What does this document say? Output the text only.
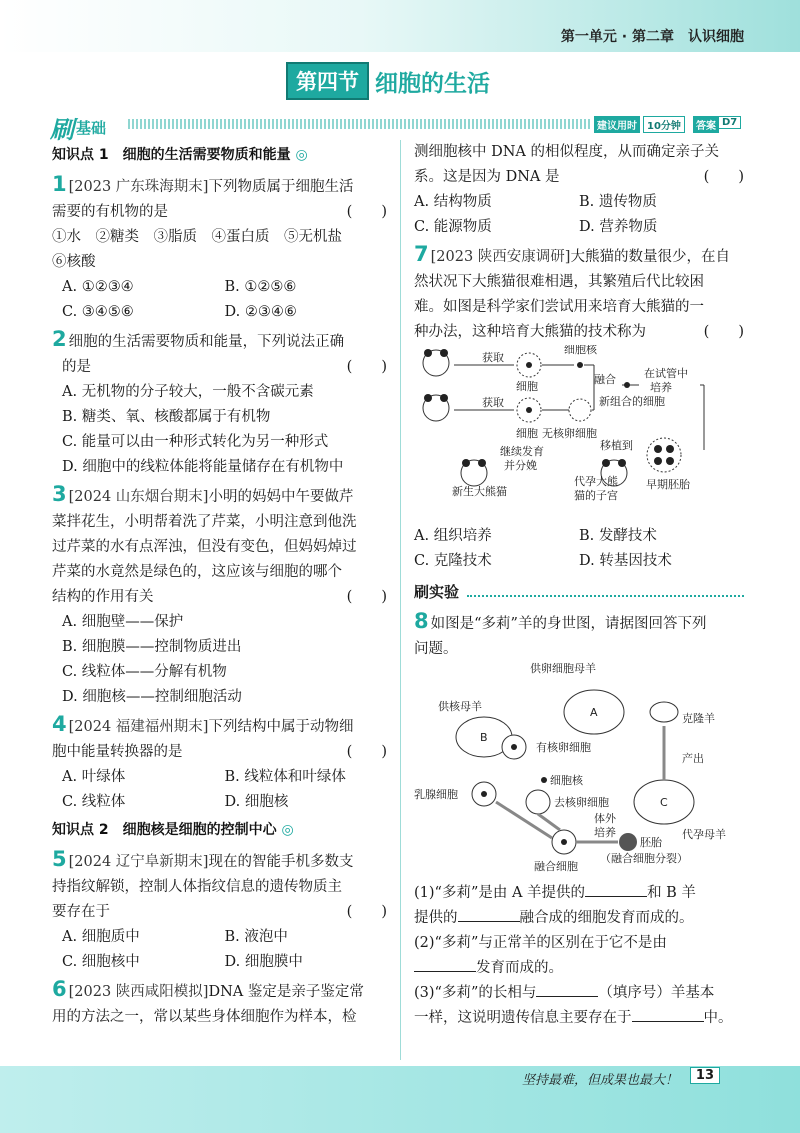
第一单元 · 第二章　认识细胞
第四节 细胞的生活
刷 基础	建议用时	10分钟	答案 D7
知识点 1　 细胞的生活需要物质和能量 ◎
1 [2023 广东珠海期末]下列物质属于细胞生活
需要的有机物的是	(　　)
①水　②糖类　③脂质　④蛋白质　⑤无机盐
⑥核酸
A. ①②③④	B. ①②⑤⑥
C. ③④⑤⑥	D. ②③④⑥
2 细胞的生活需要物质和能量，下列说法正确
的是	(　　)
A. 无机物的分子较大，一般不含碳元素
B. 糖类、氧、核酸都属于有机物
C. 能量可以由一种形式转化为另一种形式
D. 细胞中的线粒体能将能量储存在有机物中
3 [2024 山东烟台期末]小明的妈妈中午要做芹
菜拌花生，小明帮着洗了芹菜，小明注意到他洗
过芹菜的水有点浑浊，但没有变色，但妈妈焯过
芹菜的水竟然是绿色的，这应该与细胞的哪个
结构的作用有关	(　　)
A. 细胞壁——保护
B. 细胞膜——控制物质进出
C. 线粒体——分解有机物
D. 细胞核——控制细胞活动
4 [2024 福建福州期末]下列结构中属于动物细
胞中能量转换器的是	(　　)
A. 叶绿体	B. 线粒体和叶绿体
C. 线粒体	D. 细胞核
知识点 2　 细胞核是细胞的控制中心 ◎
5 [2024 辽宁阜新期末]现在的智能手机多数支
持指纹解锁，控制人体指纹信息的遗传物质主
要存在于	(　　)
A. 细胞质中	B. 液泡中
C. 细胞核中	D. 细胞膜中
6 [2023 陕西咸阳模拟]DNA 鉴定是亲子鉴定常
用的方法之一，常以某些身体细胞作为样本，检
测细胞核中 DNA 的相似程度，从而确定亲子关
系。这是因为 DNA 是	(　　)
A. 结构物质	B. 遗传物质
C. 能源物质	D. 营养物质
7 [2023 陕西安康调研]大熊猫的数量很少，在自
然状况下大熊猫很难相遇，其繁殖后代比较困
难。如图是科学家们尝试用来培育大熊猫的一
种办法，这种培育大熊猫的技术称为	(　　)
获取
获取
细胞
细胞
细胞核
无核卵细胞
融合	在试管中
培养
新组合的细胞
移植到
早期胚胎
继续发育
并分娩
新生大熊猫
代孕大熊
猫的子宫
A. 组织培养	B. 发酵技术
C. 克隆技术	D. 转基因技术
刷实验
8 如图是“多莉”羊的身世图，请据图回答下列
问题。
供卵细胞母羊
供核母羊
克隆羊
产出
B
A
C
有核卵细胞
细胞核
去核卵细胞
乳腺细胞
融合细胞
体外
培养
胚胎
（融合细胞分裂）
代孕母羊
(1)“多莉”是由 A 羊提供的	和 B 羊
提供的	融合成的细胞发育而成的。
(2)“多莉”与正常羊的区别在于它不是由
发育而成的。
(3)“多莉”的长相与	（填序号）羊基本
一样，这说明遗传信息主要存在于	中。
坚持最难，但成果也最大！	13
